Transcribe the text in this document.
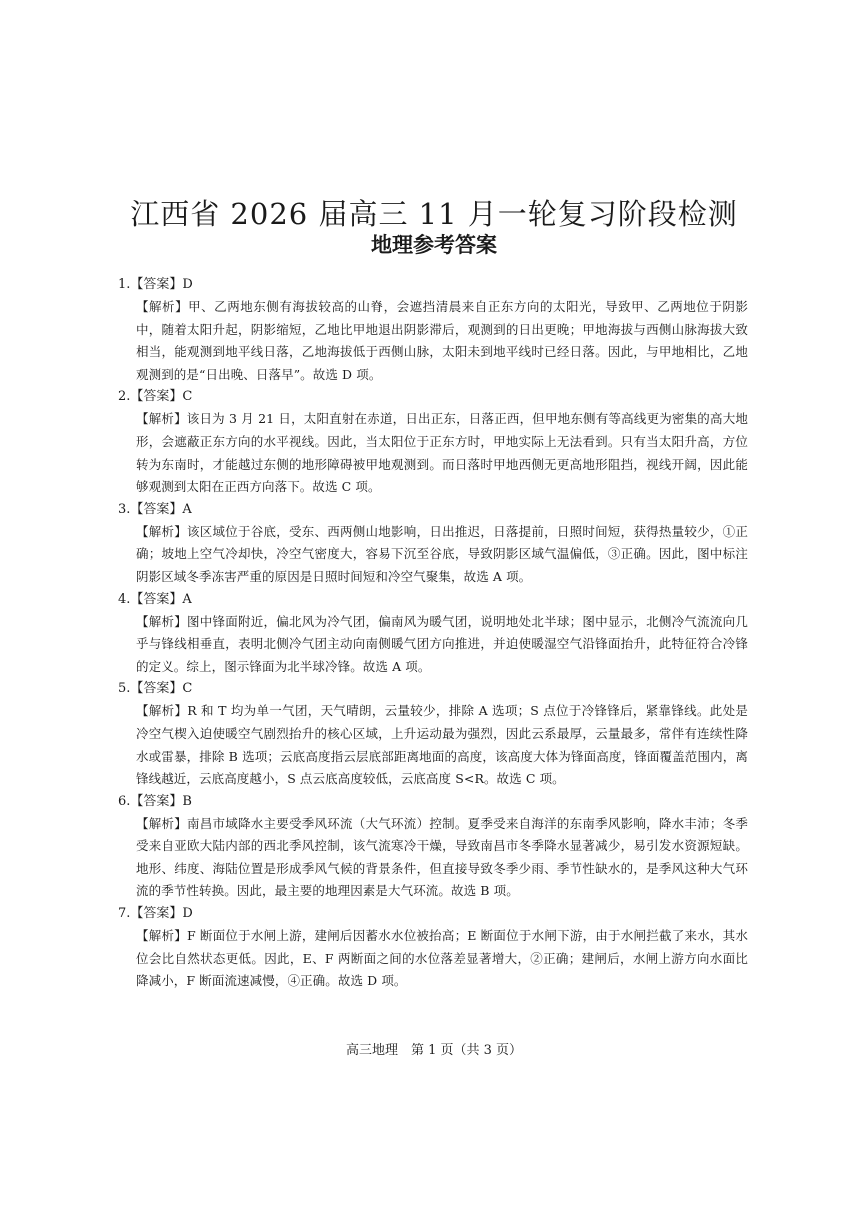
江西省 2026 届高三 11 月一轮复习阶段检测
地理参考答案
1.【答案】D
【解析】甲、乙两地东侧有海拔较高的山脊，会遮挡清晨来自正东方向的太阳光，导致甲、乙两地位于阴影中，随着太阳升起，阴影缩短，乙地比甲地退出阴影滞后，观测到的日出更晚；甲地海拔与西侧山脉海拔大致相当，能观测到地平线日落，乙地海拔低于西侧山脉，太阳未到地平线时已经日落。因此，与甲地相比，乙地观测到的是“日出晚、日落早”。故选 D 项。
2.【答案】C
【解析】该日为 3 月 21 日，太阳直射在赤道，日出正东，日落正西，但甲地东侧有等高线更为密集的高大地形，会遮蔽正东方向的水平视线。因此，当太阳位于正东方时，甲地实际上无法看到。只有当太阳升高，方位转为东南时，才能越过东侧的地形障碍被甲地观测到。而日落时甲地西侧无更高地形阻挡，视线开阔，因此能够观测到太阳在正西方向落下。故选 C 项。
3.【答案】A
【解析】该区域位于谷底，受东、西两侧山地影响，日出推迟，日落提前，日照时间短，获得热量较少，①正确；坡地上空气冷却快，冷空气密度大，容易下沉至谷底，导致阴影区域气温偏低，③正确。因此，图中标注阴影区域冬季冻害严重的原因是日照时间短和冷空气聚集，故选 A 项。
4.【答案】A
【解析】图中锋面附近，偏北风为冷气团，偏南风为暖气团，说明地处北半球；图中显示，北侧冷气流流向几乎与锋线相垂直，表明北侧冷气团主动向南侧暖气团方向推进，并迫使暖湿空气沿锋面抬升，此特征符合冷锋的定义。综上，图示锋面为北半球冷锋。故选 A 项。
5.【答案】C
【解析】R 和 T 均为单一气团，天气晴朗，云量较少，排除 A 选项；S 点位于冷锋锋后，紧靠锋线。此处是冷空气楔入迫使暖空气剧烈抬升的核心区域，上升运动最为强烈，因此云系最厚，云量最多，常伴有连续性降水或雷暴，排除 B 选项；云底高度指云层底部距离地面的高度，该高度大体为锋面高度，锋面覆盖范围内，离锋线越近，云底高度越小，S 点云底高度较低，云底高度 S<R。故选 C 项。
6.【答案】B
【解析】南昌市域降水主要受季风环流（大气环流）控制。夏季受来自海洋的东南季风影响，降水丰沛；冬季受来自亚欧大陆内部的西北季风控制，该气流寒冷干燥，导致南昌市冬季降水显著减少，易引发水资源短缺。地形、纬度、海陆位置是形成季风气候的背景条件，但直接导致冬季少雨、季节性缺水的，是季风这种大气环流的季节性转换。因此，最主要的地理因素是大气环流。故选 B 项。
7.【答案】D
【解析】F 断面位于水闸上游，建闸后因蓄水水位被抬高；E 断面位于水闸下游，由于水闸拦截了来水，其水位会比自然状态更低。因此，E、F 两断面之间的水位落差显著增大，②正确；建闸后，水闸上游方向水面比降减小，F 断面流速减慢，④正确。故选 D 项。
高三地理　第 1 页（共 3 页）
